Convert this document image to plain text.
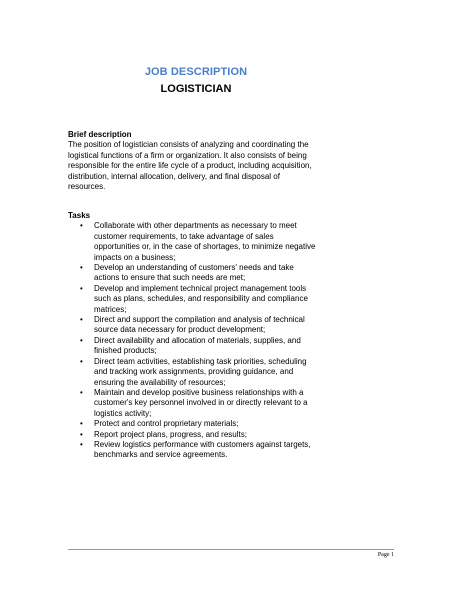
JOB DESCRIPTION
LOGISTICIAN
Brief description
The position of logistician consists of analyzing and coordinating the
logistical functions of a firm or organization. It also consists of being
responsible for the entire life cycle of a product, including acquisition,
distribution, internal allocation, delivery, and final disposal of
resources.
Tasks
• Collaborate with other departments as necessary to meet
customer requirements, to take advantage of sales
opportunities or, in the case of shortages, to minimize negative
impacts on a business;
• Develop an understanding of customers' needs and take
actions to ensure that such needs are met;
• Develop and implement technical project management tools
such as plans, schedules, and responsibility and compliance
matrices;
• Direct and support the compilation and analysis of technical
source data necessary for product development;
• Direct availability and allocation of materials, supplies, and
finished products;
• Direct team activities, establishing task priorities, scheduling
and tracking work assignments, providing guidance, and
ensuring the availability of resources;
• Maintain and develop positive business relationships with a
customer's key personnel involved in or directly relevant to a
logistics activity;
• Protect and control proprietary materials;
• Report project plans, progress, and results;
• Review logistics performance with customers against targets,
benchmarks and service agreements.
Page 1
